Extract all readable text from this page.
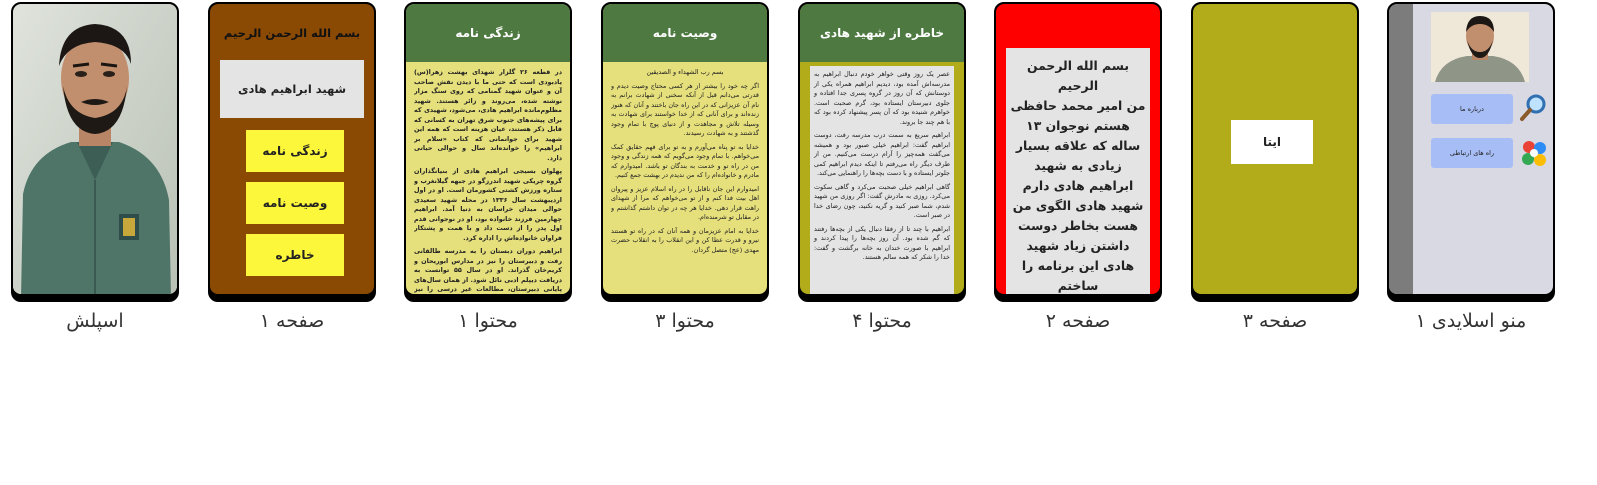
اسپلش
بسم الله الرحمن الرحيم
شهید ابراهیم هادی
زندگی نامه
وصیت نامه
خاطره
صفحه ۱
زندگی نامه

در قطعه ۲۶ گلزار شهدای بهشت زهرا(س) یادبودی است که حتی ما با دیدن نقش صاحب آن و عنوان شهید گمنامی که روی سنگ مزار نوشته شده، می‌روند و زائر هستند. شهید مظلوم‌مانده ابراهیم هادی، می‌شود، شهیدی که برای پیشه‌های جنوب شرق تهران به کسانی که قابل ذکر هستند، عیان هزینه است که همه این شهید برای جوانمانی که کتاب «سلام بر ابراهیم» را خوانده‌اند سال و حوالی حیاتی دارد.

پهلوان بسیجی ابراهیم هادی از بنیانگذاران گروه چریکی شهید اندرزگو در جبهه گیلانغرب و ستاره ورزش کشتی کشورمان است. او در اول اردیبهشت سال ۱۳۳۶ در محله شهید سعیدی حوالی میدان خراسان به دنیا آمد. ابراهیم چهارمین فرزند خانواده بود، او در نوجوانی قدم اول پدر را از دست داد و با همت و پشتکار فراوان خانواده‌اش را اداره کرد.

ابراهیم دوران دبستان را به مدرسه طالقانی رفت و دبیرستان را نیز در مدارس ابوریحان و کریم‌خان گذراند. او در سال ۵۵ توانست به دریافت دیپلم ادبی نائل شود. از همان سال‌های پایانی دبیرستان، مطالعات غیر درسی را نیز

محتوا ۱
وصیت نامه

بسم رب الشهداء و الصدیقین

اگر چه خود را بیشتر از هر کسی محتاج وصیت دیدم و قدرتی می‌دانم قبل از آنکه سخنی از شهادت برانم به نام آن عزیزانی که در این راه جان باختند و آنان که هنوز زنده‌اند و برای آنانی که از خدا خواستند برای شهادت به وسیله تلاش و مجاهدت و از دنیای پوچ با تمام وجود گذشتند و به شهادت رسیدند.

خدایا به تو پناه می‌آورم و به تو برای فهم حقایق کمک می‌خواهم. با تمام وجود می‌گویم که همه زندگی و وجود من در راه تو و خدمت به بندگان تو باشد. امیدوارم که مادرم و خانواده‌ام را که من ندیدم در بهشت جمع کنیم.

امیدوارم این جان ناقابل را در راه اسلام عزیز و پیروان اهل بیت فدا کنم و از تو می‌خواهم که مرا از شهدای راهت قرار دهی. خدایا هر چه در توان داشتم گذاشتم و در مقابل تو شرمنده‌ام.

خدایا به امام عزیزمان و همه آنان که در راه تو هستند نیرو و قدرت عطا کن و این انقلاب را به انقلاب حضرت مهدی (عج) متصل گردان.

محتوا ۳
خاطره از شهید هادی

عصر یک روز وقتی خواهر خودم دنبال ابراهیم به مدرسه‌اش آمده بود، دیدیم ابراهیم همراه یکی از دوستانش که آن روز در گروه پسری جدا افتاده و جلوی دبیرستان ایستاده بود، گرم صحبت است. خواهرم شنیده بود که آن پسر پیشنهاد کرده بود که با هم چند جا بروند.

ابراهیم سریع به سمت درب مدرسه رفت، دوست ابراهیم گفت: ابراهیم خیلی صبور بود و همیشه می‌گفت همه‌چیز را آرام درست می‌کنیم. من از طرف دیگر راه می‌رفتم تا اینکه دیدم ابراهیم کمی جلوتر ایستاده و با دست بچه‌ها را راهنمایی می‌کند.

گاهی ابراهیم خیلی صحبت می‌کرد و گاهی سکوت می‌کرد. روزی به مادرش گفت: اگر روزی من شهید شدم، شما صبر کنید و گریه نکنید، چون رضای خدا در صبر است.

ابراهیم با چند تا از رفقا دنبال یکی از بچه‌ها رفتند که گم شده بود. آن روز بچه‌ها را پیدا کردند و ابراهیم با صورت خندان به خانه برگشت و گفت: خدا را شکر که همه سالم هستند.

محتوا ۴
بسم الله الرحمن الرحیم
من امیر محمد حافظی هستم نوجوان ۱۳ ساله که علاقه بسیار زیادی به شهید ابراهیم هادی دارم شهید هادی الگوی من هست بخاطر دوست داشتن زیاد شهید هادی این برنامه را ساختم

صفحه ۲
ایتا
صفحه ۳
درباره ما
راه های ارتباطی
منو اسلایدی ۱
